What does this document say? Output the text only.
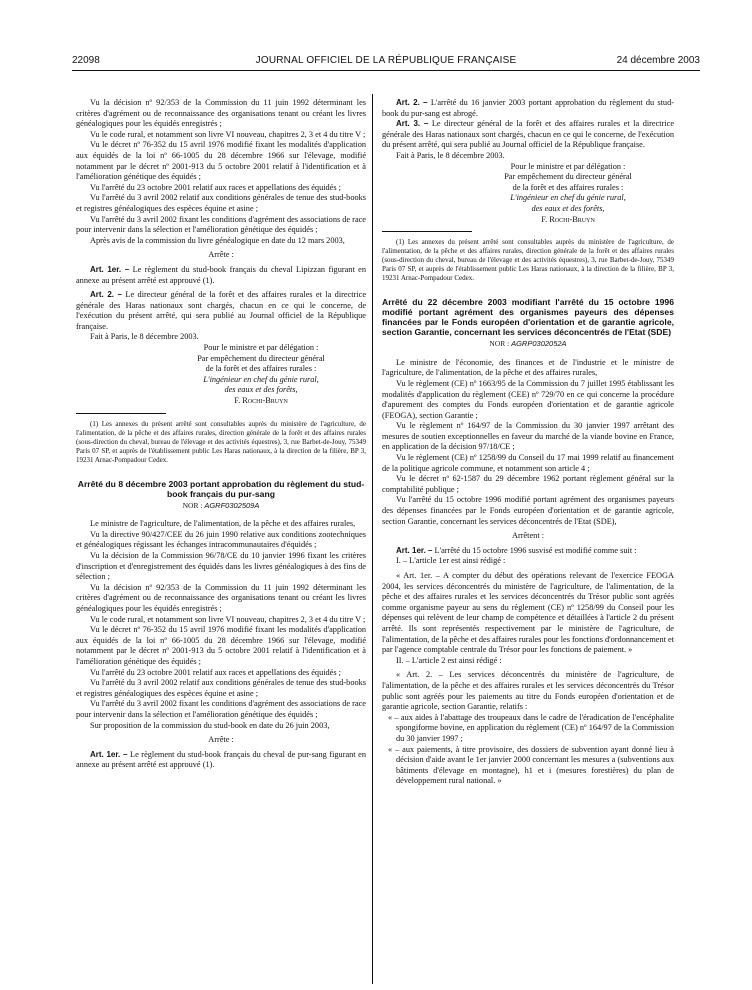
22098	JOURNAL OFFICIEL DE LA RÉPUBLIQUE FRANÇAISE	24 décembre 2003

Vu la décision nº 92/353 de la Commission du 11 juin 1992 déterminant les critères d'agrément ou de reconnaissance des organisations tenant ou créant les livres généalogiques pour les équidés enregistrés ;

Vu le code rural, et notamment son livre VI nouveau, chapitres 2, 3 et 4 du titre V ;

Vu le décret nº 76-352 du 15 avril 1976 modifié fixant les modalités d'application aux équidés de la loi nº 66-1005 du 28 décembre 1966 sur l'élevage, modifié notamment par le décret nº 2001-913 du 5 octobre 2001 relatif à l'identification et à l'amélioration génétique des équidés ;

Vu l'arrêté du 23 octobre 2001 relatif aux races et appellations des équidés ;

Vu l'arrêté du 3 avril 2002 relatif aux conditions générales de tenue des stud-books et registres généalogiques des espèces équine et asine ;

Vu l'arrêté du 3 avril 2002 fixant les conditions d'agrément des associations de race pour intervenir dans la sélection et l'amélioration génétique des équidés ;

Après avis de la commission du livre généalogique en date du 12 mars 2003,

Arrête :

Art. 1er. – Le règlement du stud-book français du cheval Lipizzan figurant en annexe au présent arrêté est approuvé (1).

Art. 2. – Le directeur général de la forêt et des affaires rurales et la directrice générale des Haras nationaux sont chargés, chacun en ce qui le concerne, de l'exécution du présent arrêté, qui sera publié au Journal officiel de la République française.

Fait à Paris, le 8 décembre 2003.

Pour le ministre et par délégation :

Par empêchement du directeur général

de la forêt et des affaires rurales :

L'ingénieur en chef du génie rural,

des eaux et des forêts,

F. Rochi-Bruyn

(1) Les annexes du présent arrêté sont consultables auprès du ministère de l'agriculture, de l'alimentation, de la pêche et des affaires rurales, direction générale de la forêt et des affaires rurales (sous-direction du cheval, bureau de l'élevage et des activités équestres), 3, rue Barbet-de-Jouy, 75349 Paris 07 SP, et auprès de l'établissement public Les Haras nationaux, à la direction de la filière, BP 3, 19231 Arnac-Pompadour Cedex.

Arrêté du 8 décembre 2003 portant approbation du règlement du stud-book français du pur-sang
NOR : AGRF0302509A

Le ministre de l'agriculture, de l'alimentation, de la pêche et des affaires rurales,

Vu la directive 90/427/CEE du 26 juin 1990 relative aux conditions zootechniques et généalogiques régissant les échanges intracommunautaires d'équidés ;

Vu la décision de la Commission 96/78/CE du 10 janvier 1996 fixant les critères d'inscription et d'enregistrement des équidés dans les livres généalogiques à des fins de sélection ;

Vu la décision nº 92/353 de la Commission du 11 juin 1992 déterminant les critères d'agrément ou de reconnaissance des organisations tenant ou créant les livres généalogiques pour les équidés enregistrés ;

Vu le code rural, et notamment son livre VI nouveau, chapitres 2, 3 et 4 du titre V ;

Vu le décret nº 76-352 du 15 avril 1976 modifié fixant les modalités d'application aux équidés de la loi nº 66-1005 du 28 décembre 1966 sur l'élevage, modifié notamment par le décret nº 2001-913 du 5 octobre 2001 relatif à l'identification et à l'amélioration génétique des équidés ;

Vu l'arrêté du 23 octobre 2001 relatif aux races et appellations des équidés ;

Vu l'arrêté du 3 avril 2002 relatif aux conditions générales de tenue des stud-books et registres généalogiques des espèces équine et asine ;

Vu l'arrêté du 3 avril 2002 fixant les conditions d'agrément des associations de race pour intervenir dans la sélection et l'amélioration génétique des équidés ;

Sur proposition de la commission du stud-book en date du 26 juin 2003,

Arrête :

Art. 1er. – Le règlement du stud-book français du cheval de pur-sang figurant en annexe au présent arrêté est approuvé (1).

Art. 2. – L'arrêté du 16 janvier 2003 portant approbation du règlement du stud-book du pur-sang est abrogé.

Art. 3. – Le directeur général de la forêt et des affaires rurales et la directrice générale des Haras nationaux sont chargés, chacun en ce qui le concerne, de l'exécution du présent arrêté, qui sera publié au Journal officiel de la République française.

Fait à Paris, le 8 décembre 2003.

Pour le ministre et par délégation :

Par empêchement du directeur général

de la forêt et des affaires rurales :

L'ingénieur en chef du génie rural,

des eaux et des forêts,

F. Rochi-Bruyn

(1) Les annexes du présent arrêté sont consultables auprès du ministère de l'agriculture, de l'alimentation, de la pêche et des affaires rurales, direction générale de la forêt et des affaires rurales (sous-direction du cheval, bureau de l'élevage et des activités équestres), 3, rue Barbet-de-Jouy, 75349 Paris 07 SP, et auprès de l'établissement public Les Haras nationaux, à la direction de la filière, BP 3, 19231 Arnac-Pompadour Cedex.

Arrêté du 22 décembre 2003 modifiant l'arrêté du 15 octobre 1996 modifié portant agrément des organismes payeurs des dépenses financées par le Fonds européen d'orientation et de garantie agricole, section Garantie, concernant les services déconcentrés de l'Etat (SDE)
NOR : AGRP0302052A

Le ministre de l'économie, des finances et de l'industrie et le ministre de l'agriculture, de l'alimentation, de la pêche et des affaires rurales,

Vu le règlement (CE) nº 1663/95 de la Commission du 7 juillet 1995 établissant les modalités d'application du règlement (CEE) nº 729/70 en ce qui concerne la procédure d'apurement des comptes du Fonds européen d'orientation et de garantie agricole (FEOGA), section Garantie ;

Vu le règlement nº 164/97 de la Commission du 30 janvier 1997 arrêtant des mesures de soutien exceptionnelles en faveur du marché de la viande bovine en France, en application de la décision 97/18/CE ;

Vu le règlement (CE) nº 1258/99 du Conseil du 17 mai 1999 relatif au financement de la politique agricole commune, et notamment son article 4 ;

Vu le décret nº 62-1587 du 29 décembre 1962 portant règlement général sur la comptabilité publique ;

Vu l'arrêté du 15 octobre 1996 modifié portant agrément des organismes payeurs des dépenses financées par le Fonds européen d'orientation et de garantie agricole, section Garantie, concernant les services déconcentrés de l'Etat (SDE),

Arrêtent :

Art. 1er. – L'arrêté du 15 octobre 1996 susvisé est modifié comme suit :

I. – L'article 1er est ainsi rédigé :

« Art. 1er. – A compter du début des opérations relevant de l'exercice FEOGA 2004, les services déconcentrés du ministère de l'agriculture, de l'alimentation, de la pêche et des affaires rurales et les services déconcentrés du Trésor public sont agréés comme organisme payeur au sens du règlement (CE) nº 1258/99 du Conseil pour les dépenses qui relèvent de leur champ de compétence et détaillées à l'article 2 du présent arrêté. Ils sont représentés respectivement par le ministère de l'agriculture, de l'alimentation, de la pêche et des affaires rurales pour les fonctions d'ordonnancement et par l'agence comptable centrale du Trésor pour les fonctions de paiement. »

II. – L'article 2 est ainsi rédigé :

« Art. 2. – Les services déconcentrés du ministère de l'agriculture, de l'alimentation, de la pêche et des affaires rurales et les services déconcentrés du Trésor public sont agréés pour les paiements au titre du Fonds européen d'orientation et de garantie agricole, section Garantie, relatifs :

« – aux aides à l'abattage des troupeaux dans le cadre de l'éradication de l'encéphalite spongiforme bovine, en application du règlement (CE) nº 164/97 de la Commission du 30 janvier 1997 ;

« – aux paiements, à titre provisoire, des dossiers de subvention ayant donné lieu à décision d'aide avant le 1er janvier 2000 concernant les mesures a (subventions aux bâtiments d'élevage en montagne), h1 et i (mesures forestières) du plan de développement rural national. »
